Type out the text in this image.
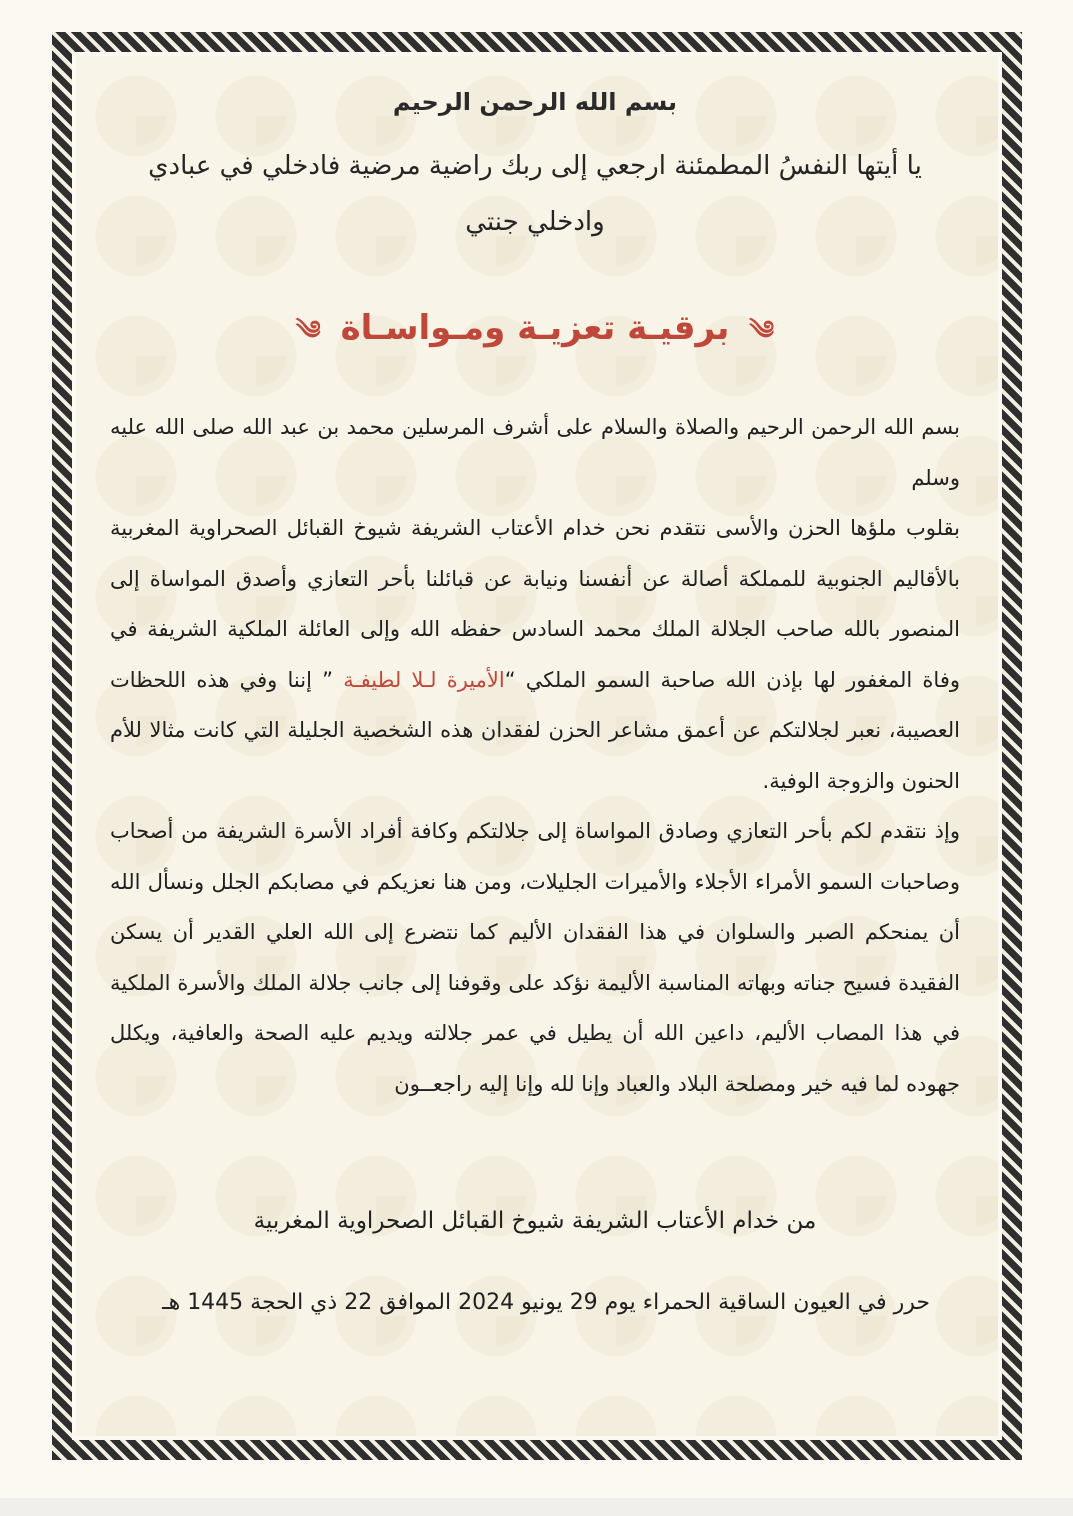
بسم الله الرحمن الرحيم
يا أيتها النفسُ المطمئنة ارجعي إلى ربك راضية مرضية فادخلي في عبادي وادخلي جنتي
༄ برقيـة تعزيـة ومـواسـاة ༄

بسم الله الرحمن الرحيم والصلاة والسلام على أشرف المرسلين محمد بن عبد الله صلى الله عليه وسلم

بقلوب ملؤها الحزن والأسى نتقدم نحن خدام الأعتاب الشريفة شيوخ القبائل الصحراوية المغربية بالأقاليم الجنوبية للمملكة أصالة عن أنفسنا ونيابة عن قبائلنا بأحر التعازي وأصدق المواساة إلى المنصور بالله صاحب الجلالة الملك محمد السادس حفظه الله وإلى العائلة الملكية الشريفة في وفاة المغفور لها بإذن الله صاحبة السمو الملكي “الأميرة لـلا لطيفـة ” إننا وفي هذه اللحظات العصيبة، نعبر لجلالتكم عن أعمق مشاعر الحزن لفقدان هذه الشخصية الجليلة التي كانت مثالا للأم الحنون والزوجة الوفية.

وإذ نتقدم لكم بأحر التعازي وصادق المواساة إلى جلالتكم وكافة أفراد الأسرة الشريفة من أصحاب وصاحبات السمو الأمراء الأجلاء والأميرات الجليلات، ومن هنا نعزيكم في مصابكم الجلل ونسأل الله أن يمنحكم الصبر والسلوان في هذا الفقدان الأليم كما نتضرع إلى الله العلي القدير أن يسكن الفقيدة فسيح جناته وبهاته المناسبة الأليمة نؤكد على وقوفنا إلى جانب جلالة الملك والأسرة الملكية في هذا المصاب الأليم، داعين الله أن يطيل في عمر جلالته ويديم عليه الصحة والعافية، ويكلل جهوده لما فيه خير ومصلحة البلاد والعباد وإنا لله وإنا إليه راجعــون

من خدام الأعتاب الشريفة شيوخ القبائل الصحراوية المغربية
حرر في العيون الساقية الحمراء يوم 29 يونيو 2024 الموافق 22 ذي الحجة 1445 هـ
